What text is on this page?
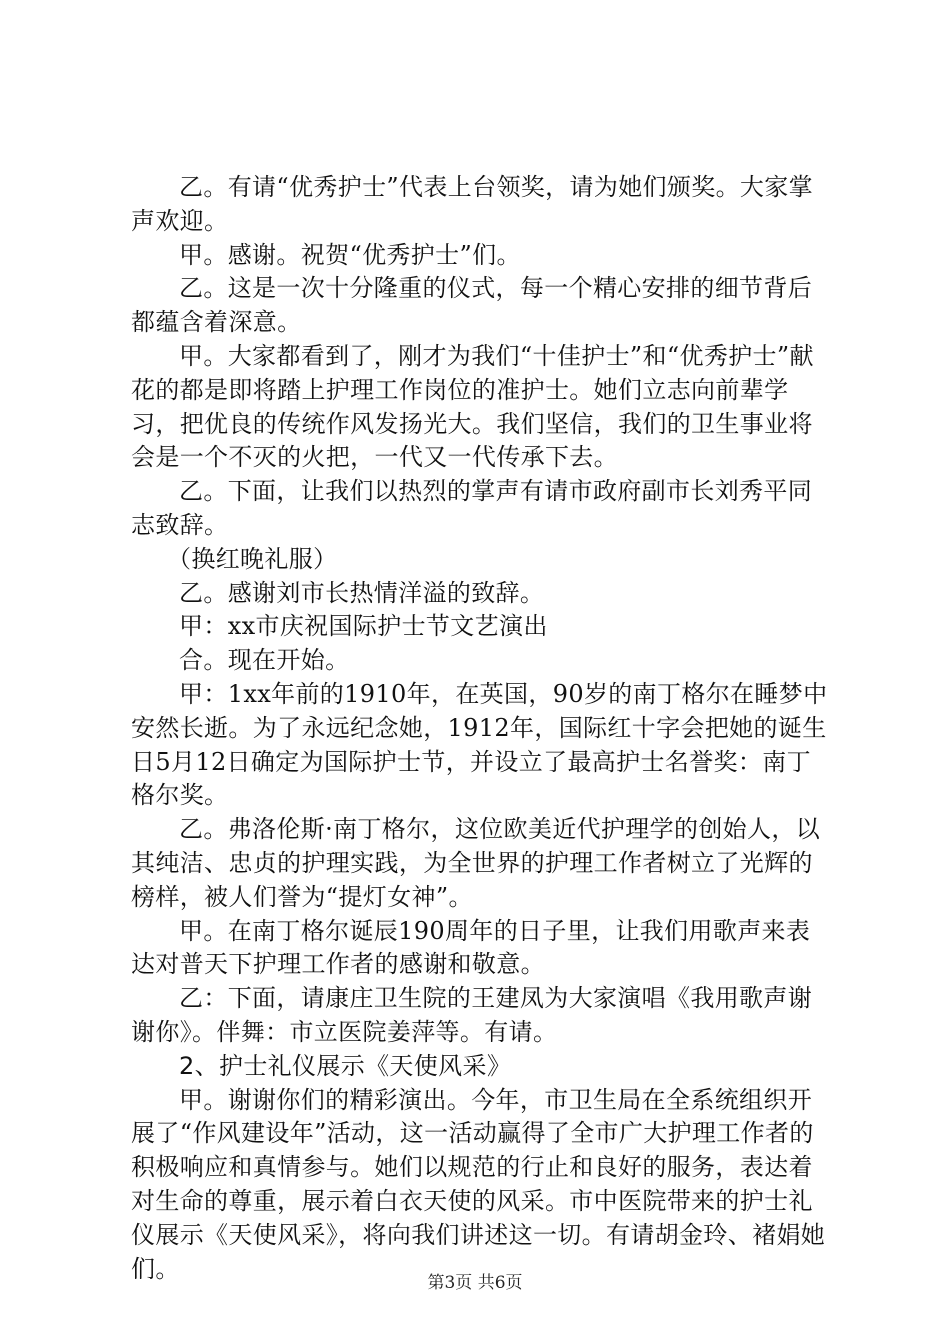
乙。有请“优秀护士”代表上台领奖，请为她们颁奖。大家掌声欢迎。

甲。感谢。祝贺“优秀护士”们。

乙。这是一次十分隆重的仪式，每一个精心安排的细节背后都蕴含着深意。

甲。大家都看到了，刚才为我们“十佳护士”和“优秀护士”献花的都是即将踏上护理工作岗位的准护士。她们立志向前辈学习，把优良的传统作风发扬光大。我们坚信，我们的卫生事业将会是一个不灭的火把，一代又一代传承下去。

乙。下面，让我们以热烈的掌声有请市政府副市长刘秀平同志致辞。

（换红晚礼服）

乙。感谢刘市长热情洋溢的致辞。

甲：xx市庆祝国际护士节文艺演出

合。现在开始。

甲：1xx年前的1910年，在英国，90岁的南丁格尔在睡梦中安然长逝。为了永远纪念她，1912年，国际红十字会把她的诞生日5月12日确定为国际护士节，并设立了最高护士名誉奖：南丁格尔奖。

乙。弗洛伦斯·南丁格尔，这位欧美近代护理学的创始人，以其纯洁、忠贞的护理实践，为全世界的护理工作者树立了光辉的榜样，被人们誉为“提灯女神”。

甲。在南丁格尔诞辰190周年的日子里，让我们用歌声来表达对普天下护理工作者的感谢和敬意。

乙：下面，请康庄卫生院的王建凤为大家演唱《我用歌声谢谢你》。伴舞：市立医院姜萍等。有请。

2、护士礼仪展示《天使风采》

甲。谢谢你们的精彩演出。今年，市卫生局在全系统组织开展了“作风建设年”活动，这一活动赢得了全市广大护理工作者的积极响应和真情参与。她们以规范的行止和良好的服务，表达着对生命的尊重，展示着白衣天使的风采。市中医院带来的护士礼仪展示《天使风采》，将向我们讲述这一切。有请胡金玲、褚娟她们。

第3页 共6页
